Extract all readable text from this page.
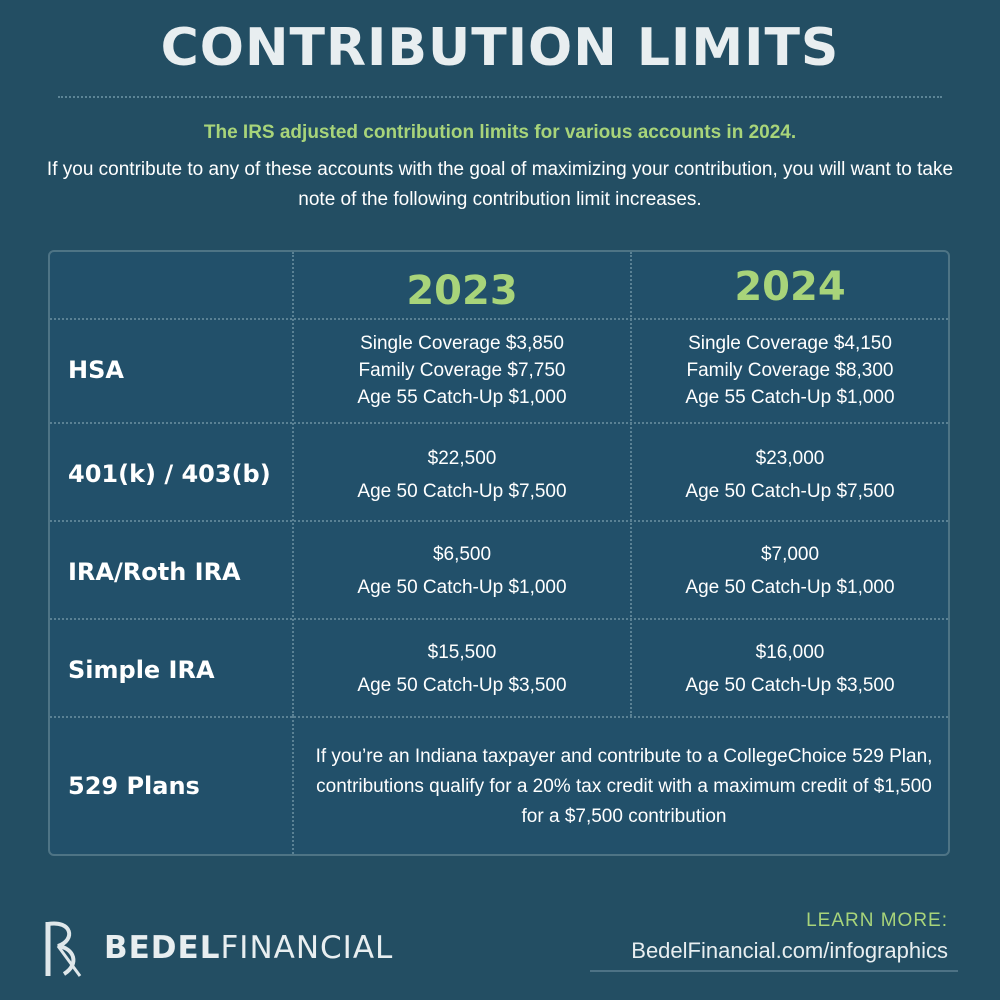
CONTRIBUTION LIMITS
The IRS adjusted contribution limits for various accounts in 2024.
If you contribute to any of these accounts with the goal of maximizing your contribution, you will want to take note of the following contribution limit increases.
2023	2024
HSA
Single Coverage $3,850
Family Coverage $7,750
Age 55 Catch-Up $1,000
Single Coverage $4,150
Family Coverage $8,300
Age 55 Catch-Up $1,000
401(k) / 403(b)
$22,500
Age 50 Catch-Up $7,500
$23,000
Age 50 Catch-Up $7,500
IRA/Roth IRA
$6,500
Age 50 Catch-Up $1,000
$7,000
Age 50 Catch-Up $1,000
Simple IRA
$15,500
Age 50 Catch-Up $3,500
$16,000
Age 50 Catch-Up $3,500
529 Plans
If you’re an Indiana taxpayer and contribute to a CollegeChoice 529 Plan, contributions qualify for a 20% tax credit with a maximum credit of $1,500 for a $7,500 contribution
BEDELFINANCIAL
LEARN MORE:
BedelFinancial.com/infographics
